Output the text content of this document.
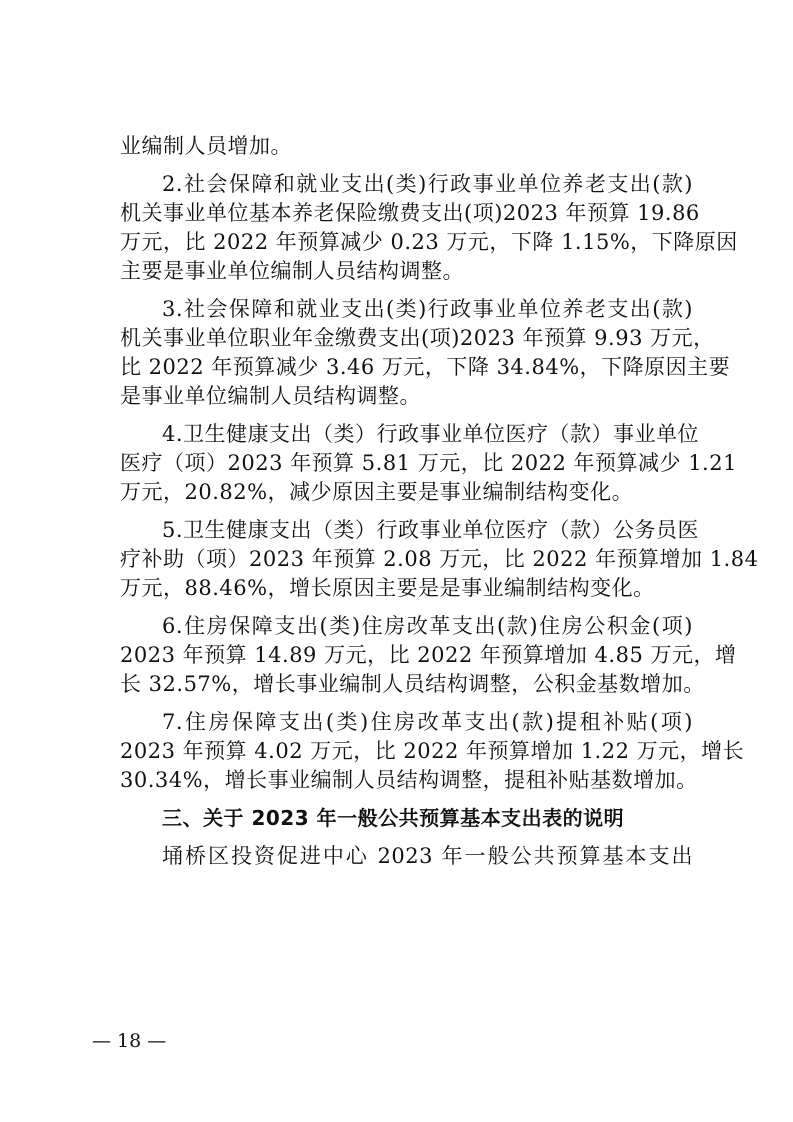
业编制人员增加。
2.社会保障和就业支出(类)行政事业单位养老支出(款)
机关事业单位基本养老保险缴费支出(项)2023 年预算 19.86
万元，比 2022 年预算减少 0.23 万元，下降 1.15%，下降原因
主要是事业单位编制人员结构调整。
3.社会保障和就业支出(类)行政事业单位养老支出(款)
机关事业单位职业年金缴费支出(项)2023 年预算 9.93 万元，
比 2022 年预算减少 3.46 万元，下降 34.84%，下降原因主要
是事业单位编制人员结构调整。
4.卫生健康支出（类）行政事业单位医疗（款）事业单位
医疗（项）2023 年预算 5.81 万元，比 2022 年预算减少 1.21
万元，20.82%，减少原因主要是事业编制结构变化。
5.卫生健康支出（类）行政事业单位医疗（款）公务员医
疗补助（项）2023 年预算 2.08 万元，比 2022 年预算增加 1.84
万元，88.46%，增长原因主要是是事业编制结构变化。
6.住房保障支出(类)住房改革支出(款)住房公积金(项)
2023 年预算 14.89 万元，比 2022 年预算增加 4.85 万元，增
长 32.57%，增长事业编制人员结构调整，公积金基数增加。
7.住房保障支出(类)住房改革支出(款)提租补贴(项)
2023 年预算 4.02 万元，比 2022 年预算增加 1.22 万元，增长
30.34%，增长事业编制人员结构调整，提租补贴基数增加。
三、关于 2023 年一般公共预算基本支出表的说明
埇桥区投资促进中心 2023 年一般公共预算基本支出
— 18 —
